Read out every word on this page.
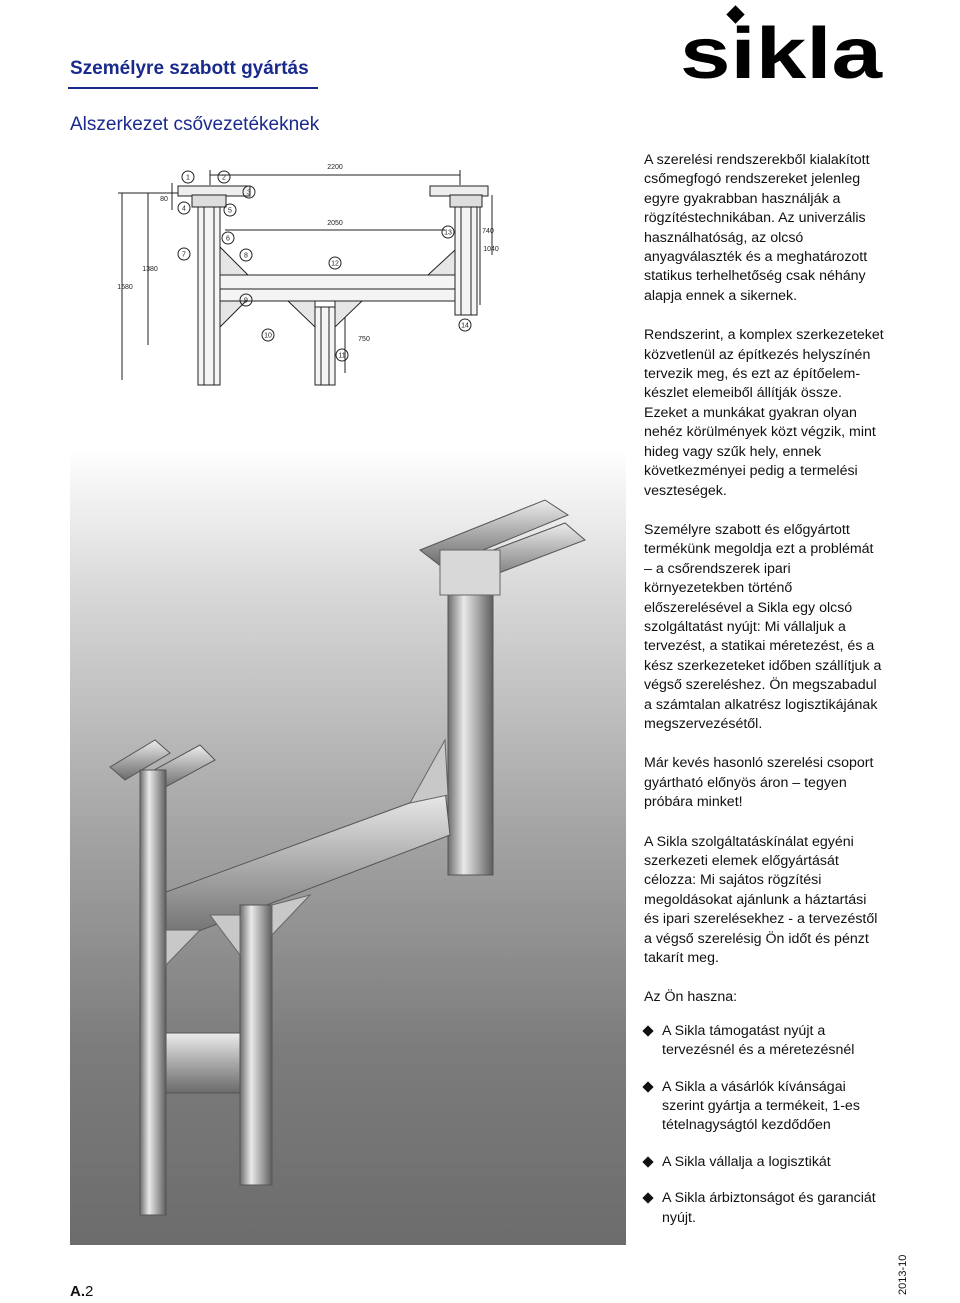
Személyre szabott gyártás	sikla
Alszerkezet csővezetékeknek
2200
2050
80
740
1040
1380
1680
750
1	2
3
4	5
6
7	8
9
10
11
12
13
14

A szerelési rendszerekből kialakított csőmegfogó rendszereket jelenleg egyre gyakrabban használják a rögzítéstechnikában. Az univerzális használhatóság, az olcsó anyagválaszték és a meghatározott statikus terhelhetőség csak néhány alapja ennek a sikernek.

Rendszerint, a komplex szerkezeteket közvetlenül az építkezés helyszínén tervezik meg, és ezt az építőelem-készlet elemeiből állítják össze. Ezeket a munkákat gyakran olyan nehéz körülmények közt végzik, mint hideg vagy szűk hely, ennek következményei pedig a termelési veszteségek.

Személyre szabott és előgyártott termékünk megoldja ezt a problémát – a csőrendszerek ipari környezetekben történő előszerelésével a Sikla egy olcsó szolgáltatást nyújt: Mi vállaljuk a tervezést, a statikai méretezést, és a kész szerkezeteket időben szállítjuk a végső szereléshez. Ön megszabadul a számtalan alkatrész logisztikájának megszervezésétől.

Már kevés hasonló szerelési csoport gyártható előnyös áron – tegyen próbára minket!

A Sikla szolgáltatáskínálat egyéni szerkezeti elemek előgyártását célozza: Mi sajátos rögzítési megoldásokat ajánlunk a háztartási és ipari szerelésekhez - a tervezéstől a végső szerelésig Ön időt és pénzt takarít meg.

Az Ön haszna:

A Sikla támogatást nyújt a tervezésnél és a méretezésnél
A Sikla a vásárlók kívánságai szerint gyártja a termékeit, 1-es tételnagyságtól kezdődően
A Sikla vállalja a logisztikát
A Sikla árbiztonságot és garanciát nyújt.
A.2	2013-10
